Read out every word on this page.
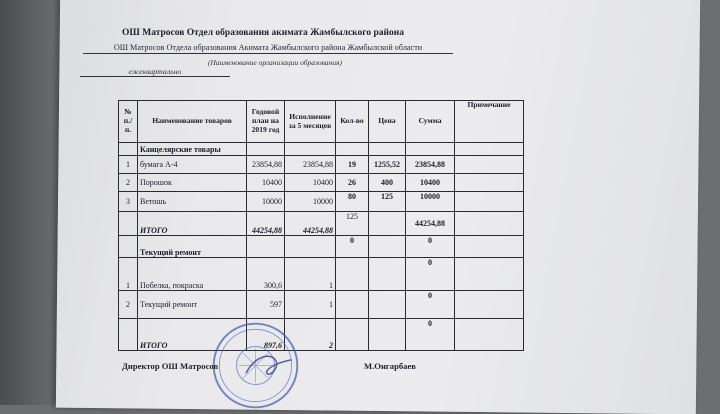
ОШ Матросов Отдел образования акимата Жамбылского района
ОШ Матросов Отдела образования Акимата Жамбылского района Жамбылской области
(Наименование организации образования)
ежеквартально
№ п./п.	Наименование товаров	Годовой план на 2019 год	Исполнение за 5 месяцев	Кол-во	Цена	Сумма	Примечание
	Канцелярские товары						
1	бумага А-4	23854,88	23854,88	19	1255,52	23854,88	
2	Порошок	10400	10400	26	400	10400	
3	Ветошь	10000	10000	80	125	10000	
	ИТОГО	44254,88	44254,88	125		44254,88	
	Текущий ремонт			0		0	
1	Побелка, покраска	300,6	1			0	
2	Текущий ремонт	597	1			0	
	ИТОГО	897,6	2			0	
Директор ОШ Матросов	М.Онгарбаев
